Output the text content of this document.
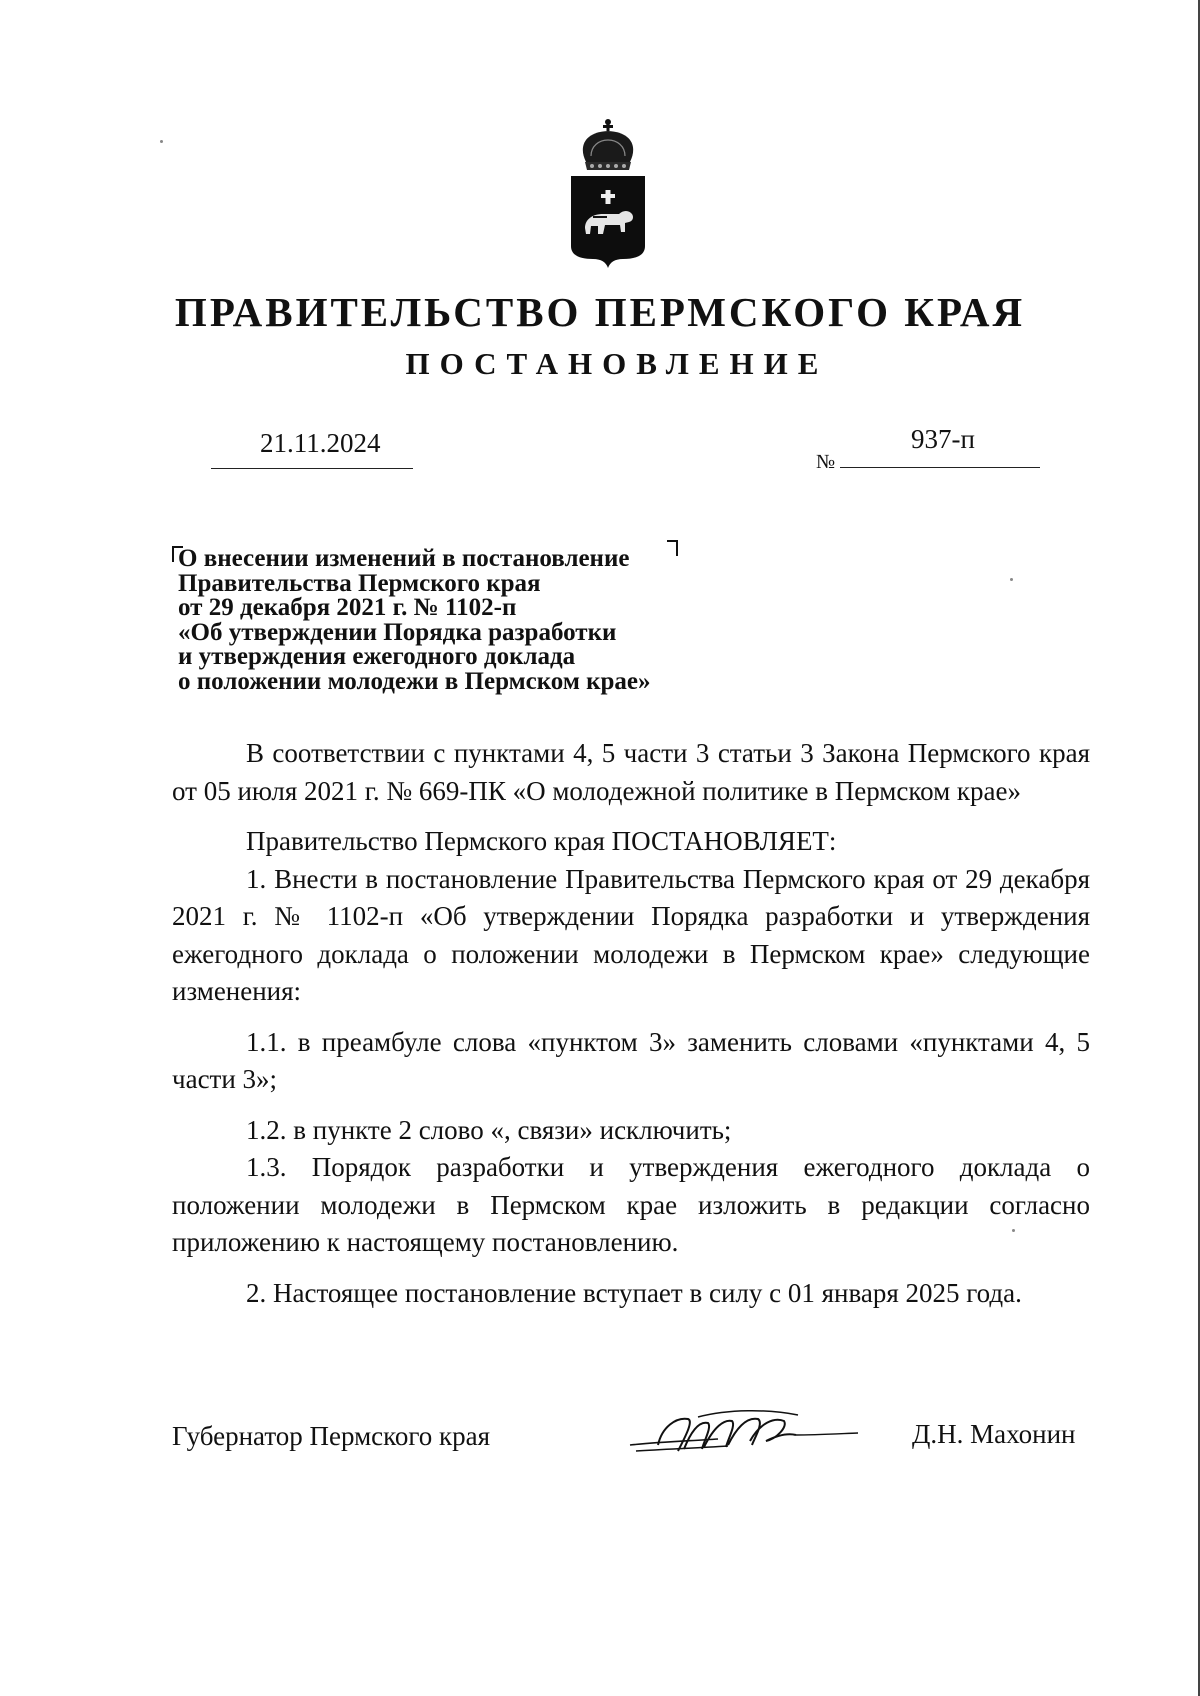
ПРАВИТЕЛЬСТВО ПЕРМСКОГО КРАЯ
ПОСТАНОВЛЕНИЕ
21.11.2024
№
937-п
О внесении изменений в постановление
Правительства Пермского края
от 29 декабря 2021 г. № 1102-п
«Об утверждении Порядка разработки
и утверждения ежегодного доклада
о положении молодежи в Пермском крае»

В соответствии с пунктами 4, 5 части 3 статьи 3 Закона Пермского края от 05 июля 2021 г. № 669-ПК «О молодежной политике в Пермском крае»

Правительство Пермского края ПОСТАНОВЛЯЕТ:

1. Внести в постановление Правительства Пермского края от 29 декабря 2021 г. № 1102-п «Об утверждении Порядка разработки и утверждения ежегодного доклада о положении молодежи в Пермском крае» следующие изменения:

1.1. в преамбуле слова «пунктом 3» заменить словами «пунктами 4, 5 части 3»;

1.2. в пункте 2 слово «, связи» исключить;

1.3. Порядок разработки и утверждения ежегодного доклада о положении молодежи в Пермском крае изложить в редакции согласно приложению к настоящему постановлению.

2. Настоящее постановление вступает в силу с 01 января 2025 года.

Губернатор Пермского края	Д.Н. Махонин
